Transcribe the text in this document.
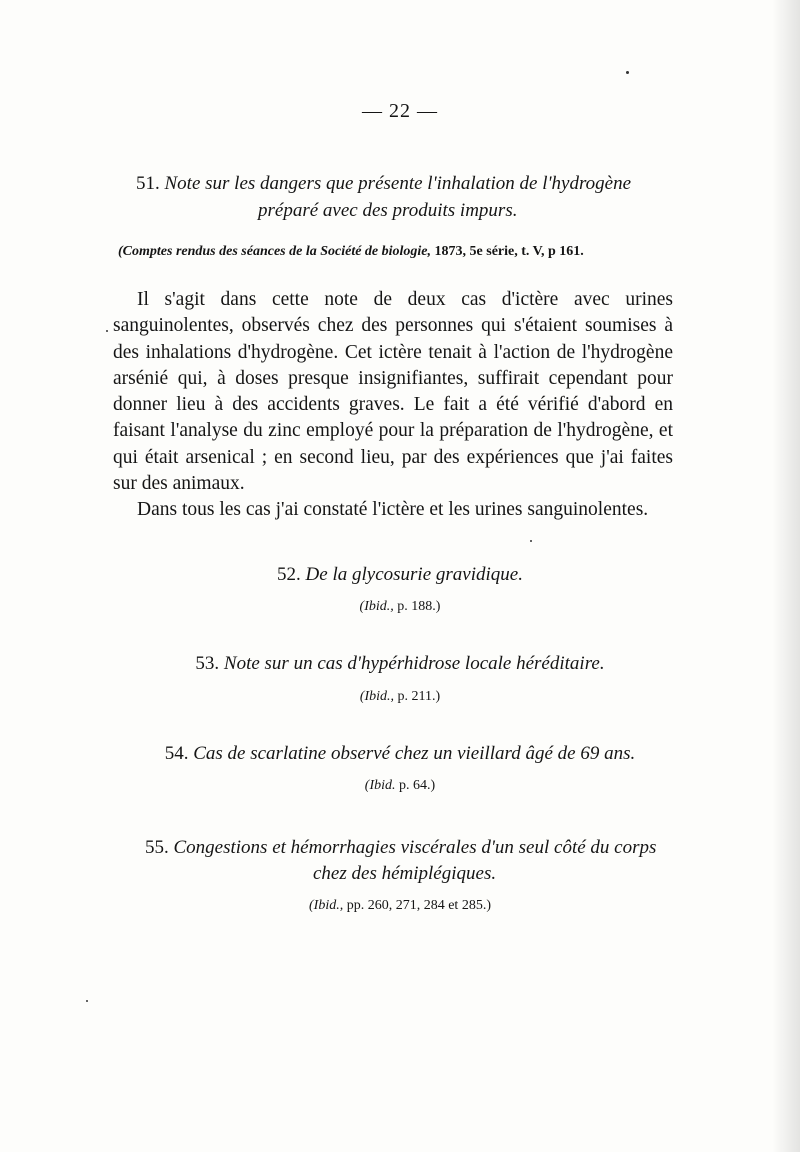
— 22 —
51. Note sur les dangers que présente l'inhalation de l'hydrogène
préparé avec des produits impurs.
(Comptes rendus des séances de la Société de biologie, 1873, 5e série, t. V, p 161.

Il s'agit dans cette note de deux cas d'ictère avec urines sanguinolentes, observés chez des personnes qui s'étaient soumises à des inhalations d'hydrogène. Cet ictère tenait à l'action de l'hydrogène arsénié qui, à doses presque insignifiantes, suffirait cependant pour donner lieu à des accidents graves. Le fait a été vérifié d'abord en faisant l'analyse du zinc employé pour la préparation de l'hydrogène, et qui était arsenical ; en second lieu, par des expériences que j'ai faites sur des animaux.

Dans tous les cas j'ai constaté l'ictère et les urines sanguinolentes.

52. De la glycosurie gravidique.
(Ibid., p. 188.)
53. Note sur un cas d'hypérhidrose locale héréditaire.
(Ibid., p. 211.)
54. Cas de scarlatine observé chez un vieillard âgé de 69 ans.
(Ibid. p. 64.)
55. Congestions et hémorrhagies viscérales d'un seul côté du corps
chez des hémiplégiques.
(Ibid., pp. 260, 271, 284 et 285.)
